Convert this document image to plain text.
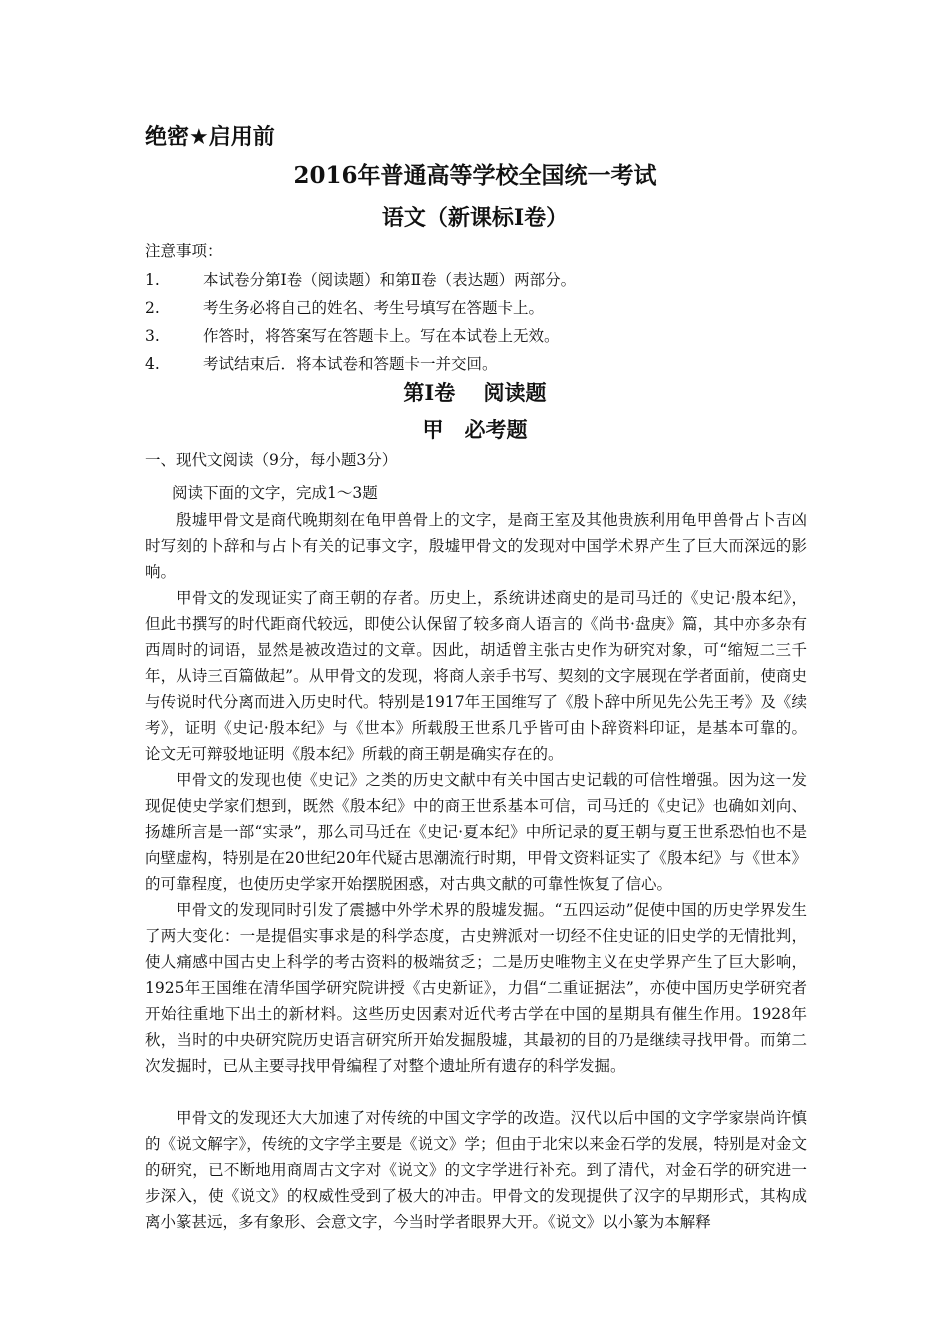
绝密★启用前
2016年普通高等学校全国统一考试
语文（新课标I卷）
注意事项：
1.	本试卷分第Ⅰ卷（阅读题）和第Ⅱ卷（表达题）两部分。
2.	考生务必将自己的姓名、考生号填写在答题卡上。
3.	作答时，将答案写在答题卡上。写在本试卷上无效。
4.	考试结束后．将本试卷和答题卡一并交回。
第Ⅰ卷　 阅读题
甲　必考题
一、现代文阅读（9分，每小题3分）
阅读下面的文字，完成1～3题

殷墟甲骨文是商代晚期刻在龟甲兽骨上的文字，是商王室及其他贵族利用龟甲兽骨占卜吉凶时写刻的卜辞和与占卜有关的记事文字，殷墟甲骨文的发现对中国学术界产生了巨大而深远的影响。

甲骨文的发现证实了商王朝的存者。历史上，系统讲述商史的是司马迁的《史记·殷本纪》，但此书撰写的时代距商代较远，即使公认保留了较多商人语言的《尚书·盘庚》篇，其中亦多杂有西周时的词语，显然是被改造过的文章。因此，胡适曾主张古史作为研究对象，可“缩短二三千年，从诗三百篇做起”。从甲骨文的发现，将商人亲手书写、契刻的文字展现在学者面前，使商史与传说时代分离而进入历史时代。特别是1917年王国维写了《殷卜辞中所见先公先王考》及《续考》，证明《史记·殷本纪》与《世本》所载殷王世系几乎皆可由卜辞资料印证，是基本可靠的。论文无可辩驳地证明《殷本纪》所载的商王朝是确实存在的。

甲骨文的发现也使《史记》之类的历史文献中有关中国古史记载的可信性增强。因为这一发现促使史学家们想到，既然《殷本纪》中的商王世系基本可信，司马迁的《史记》也确如刘向、扬雄所言是一部“实录”，那么司马迁在《史记·夏本纪》中所记录的夏王朝与夏王世系恐怕也不是向壁虚构，特别是在20世纪20年代疑古思潮流行时期，甲骨文资料证实了《殷本纪》与《世本》的可靠程度，也使历史学家开始摆脱困惑，对古典文献的可靠性恢复了信心。

甲骨文的发现同时引发了震撼中外学术界的殷墟发掘。“五四运动”促使中国的历史学界发生了两大变化：一是提倡实事求是的科学态度，古史辨派对一切经不住史证的旧史学的无情批判，使人痛感中国古史上科学的考古资料的极端贫乏；二是历史唯物主义在史学界产生了巨大影响，1925年王国维在清华国学研究院讲授《古史新证》，力倡“二重证据法”，亦使中国历史学研究者开始往重地下出土的新材料。这些历史因素对近代考古学在中国的星期具有催生作用。1928年秋，当时的中央研究院历史语言研究所开始发掘殷墟，其最初的目的乃是继续寻找甲骨。而第二次发掘时，已从主要寻找甲骨编程了对整个遗址所有遗存的科学发掘。

甲骨文的发现还大大加速了对传统的中国文字学的改造。汉代以后中国的文字学家崇尚许慎的《说文解字》，传统的文字学主要是《说文》学；但由于北宋以来金石学的发展，特别是对金文的研究，已不断地用商周古文字对《说文》的文字学进行补充。到了清代，对金石学的研究进一步深入，使《说文》的权威性受到了极大的冲击。甲骨文的发现提供了汉字的早期形式，其构成离小篆甚远，多有象形、会意文字，今当时学者眼界大开。《说文》以小篆为本解释
